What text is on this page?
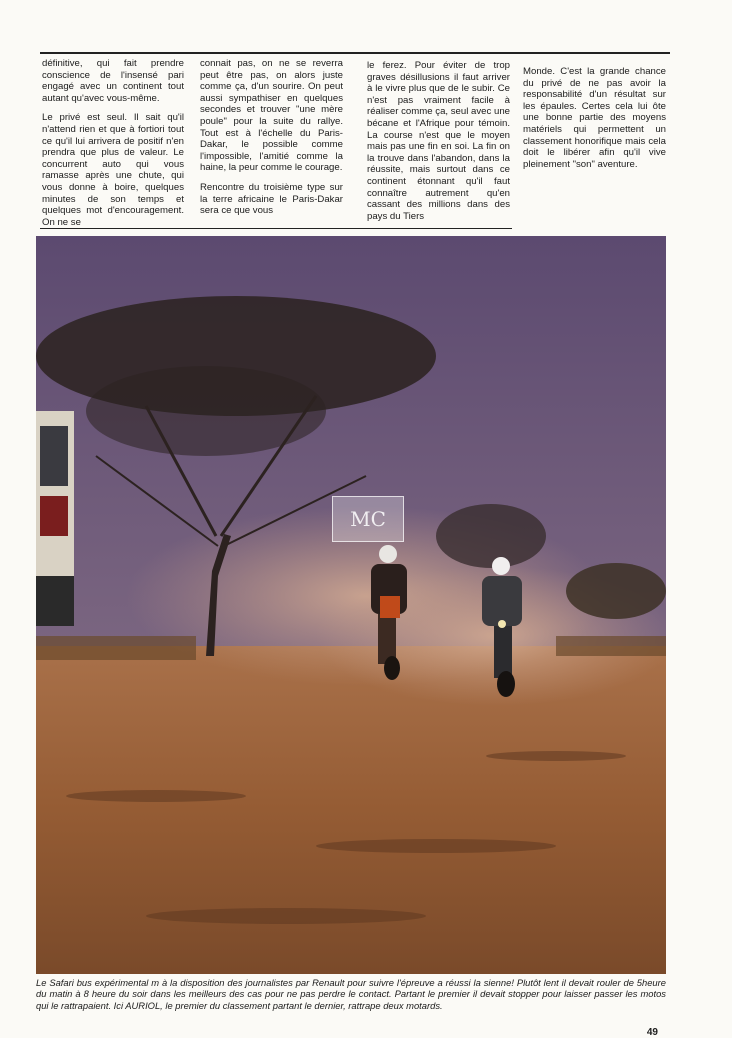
définitive, qui fait prendre conscience de l'insensé pari engagé avec un continent tout autant qu'avec vous-même.

Le privé est seul. Il sait qu'il n'attend rien et que à fortiori tout ce qu'il lui arrivera de positif n'en prendra que plus de valeur. Le concurrent auto qui vous ramasse après une chute, qui vous donne à boire, quelques minutes de son temps et quelques mot d'encouragement. On ne se

connait pas, on ne se reverra peut être pas, on alors juste comme ça, d'un sourire. On peut aussi sympathiser en quelques secondes et trouver "une mère poule" pour la suite du rallye. Tout est à l'échelle du Paris-Dakar, le possible comme l'impossible, l'amitié comme la haine, la peur comme le courage.

Rencontre du troisième type sur la terre africaine le Paris-Dakar sera ce que vous

le ferez. Pour éviter de trop graves désillusions il faut arriver à le vivre plus que de le subir. Ce n'est pas vraiment facile à réaliser comme ça, seul avec une bécane et l'Afrique pour témoin. La course n'est que le moyen mais pas une fin en soi. La fin on la trouve dans l'abandon, dans la réussite, mais surtout dans ce continent étonnant qu'il faut connaître autrement qu'en cassant des millions dans des pays du Tiers

Monde. C'est la grande chance du privé de ne pas avoir la responsabilité d'un résultat sur les épaules. Certes cela lui ôte une bonne partie des moyens matériels qui permettent un classement honorifique mais cela doit le libérer afin qu'il vive pleinement "son" aventure.

MC
Le Safari bus expérimental m à la disposition des journalistes par Renault pour suivre l'épreuve a réussi la sienne! Plutôt lent il devait rouler de 5heure du matin à 8 heure du soir dans les meilleurs des cas pour ne pas perdre le contact. Partant le premier il devait stopper pour laisser passer les motos qui le rattrapaient. Ici AURIOL, le premier du classement partant le dernier, rattrape deux motards.
49
